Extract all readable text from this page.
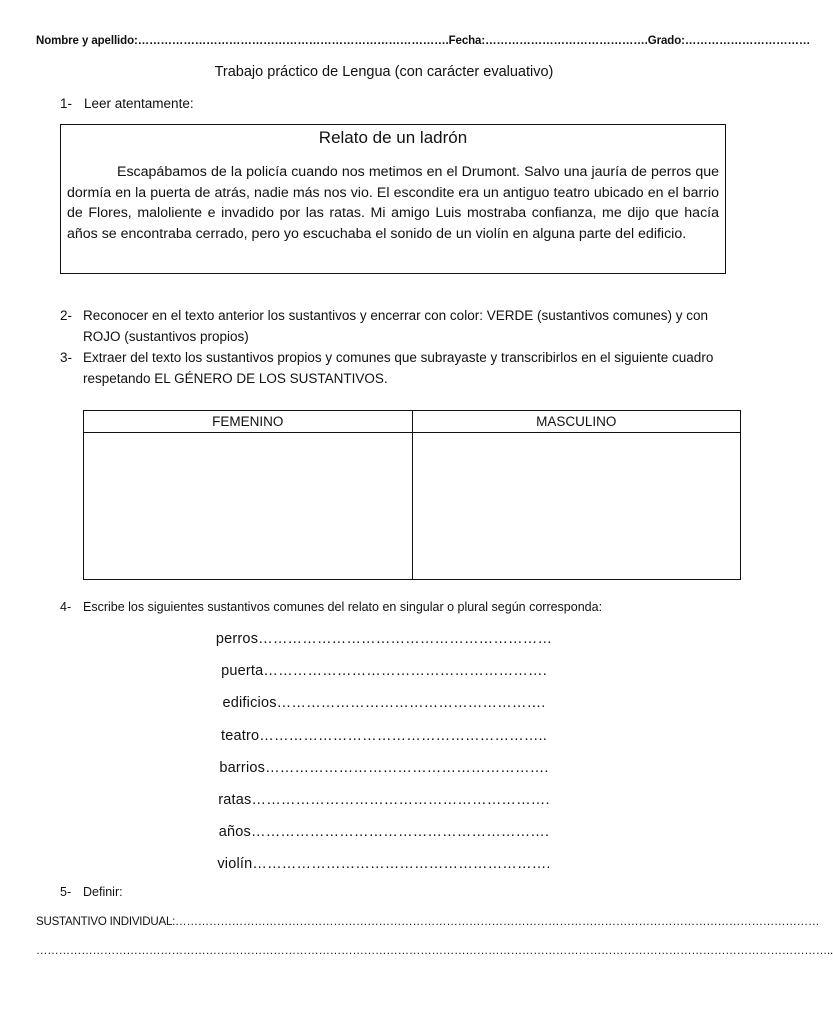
Nombre y apellido:……………………………………………………………………….Fecha:…………………………………….Grado:……………………………
Trabajo práctico de Lengua (con carácter evaluativo)
1- Leer atentamente:
Relato de un ladrón
Escapábamos de la policía cuando nos metimos en el Drumont. Salvo una jauría de perros que dormía en la puerta de atrás, nadie más nos vio. El escondite era un antiguo teatro ubicado en el barrio de Flores, maloliente e invadido por las ratas. Mi amigo Luis mostraba confianza, me dijo que hacía años se encontraba cerrado, pero yo escuchaba el sonido de un violín en alguna parte del edificio.
2- Reconocer en el texto anterior los sustantivos y encerrar con color: VERDE (sustantivos comunes) y con ROJO (sustantivos propios)
3- Extraer del texto los sustantivos propios y comunes que subrayaste y transcribirlos en el siguiente cuadro respetando EL GÉNERO DE LOS SUSTANTIVOS.
FEMENINO	MASCULINO

4- Escribe los siguientes sustantivos comunes del relato en singular o plural según corresponda:
perros……………………………………………………
puerta………………………………………………….
edificios……………………………………………….
teatro…………………………………………………..
barrios………………………………………………….
ratas…………………………………………………….
años…………………………………………………….
violín…………………………………………………….
5- Definir:
SUSTANTIVO INDIVIDUAL:………………………………………………………………………………………………………………………………………………………
…………………………………………………………………………………………………………………………………………………………………………………………..
